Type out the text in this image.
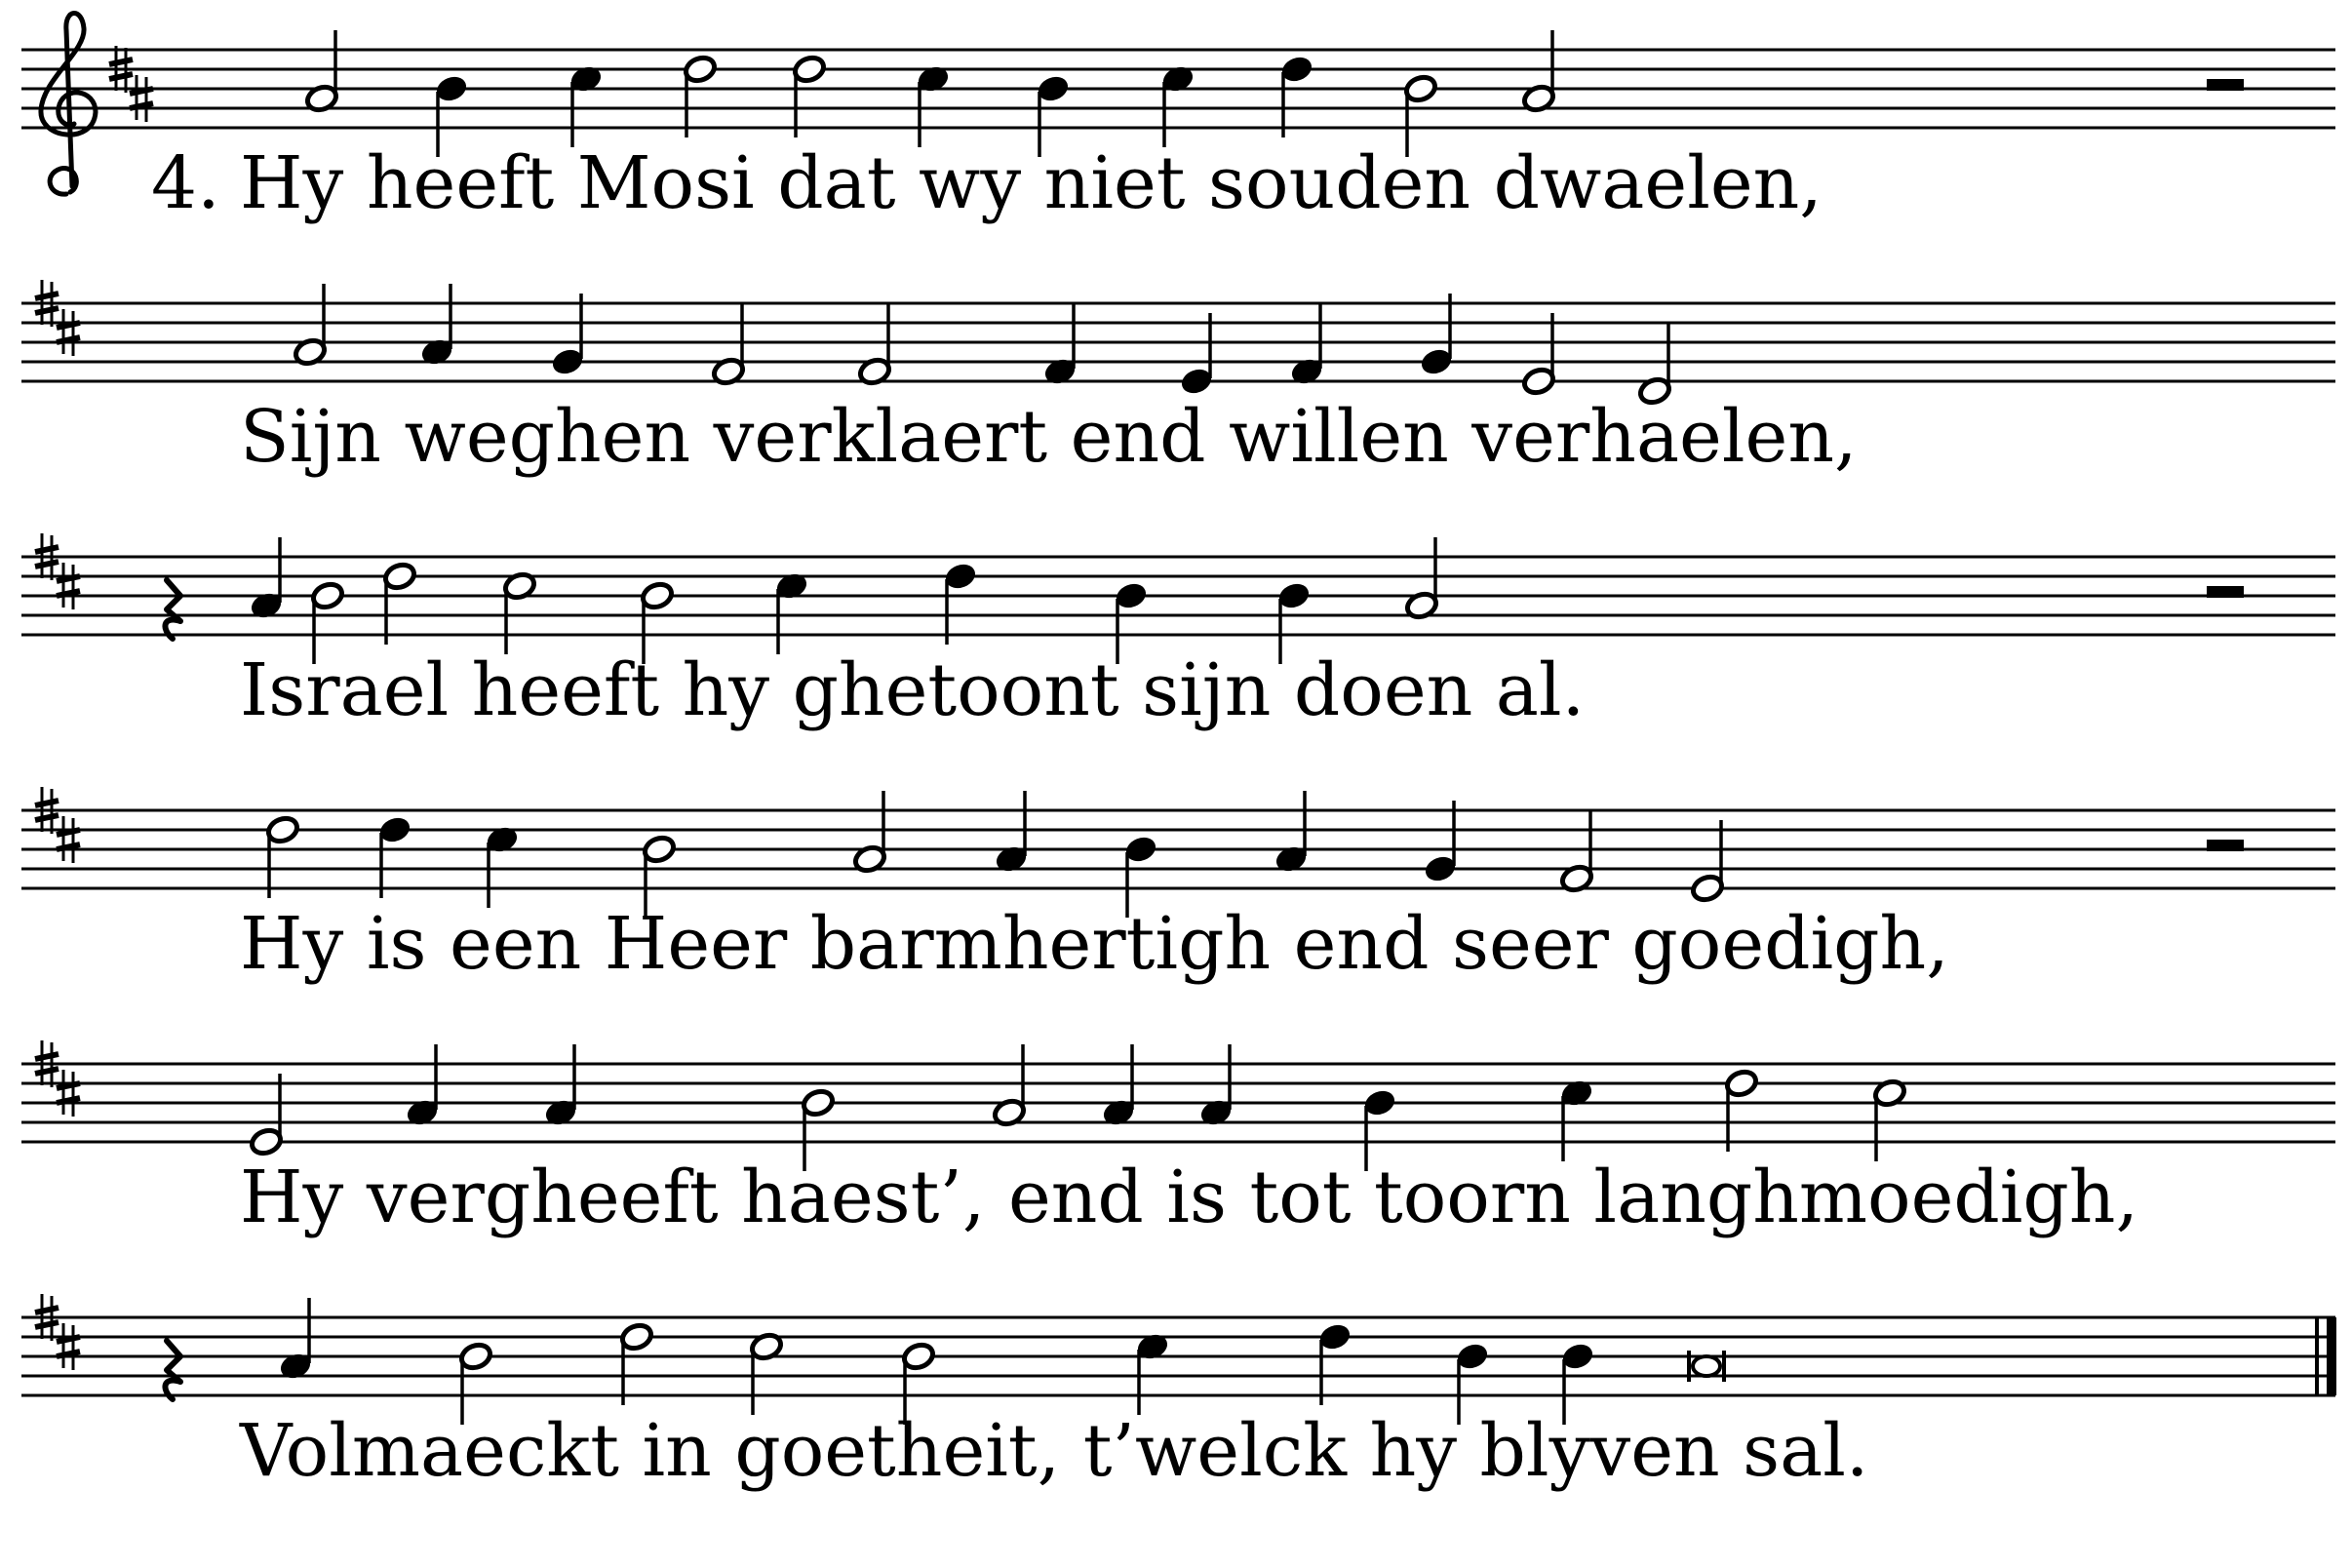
4. Hy heeft Mosi dat wy niet souden dwaelen,
Sijn weghen verklaert end willen verhaelen,
Israel heeft hy ghetoont sijn doen al.
Hy is een Heer barmhertigh end seer goedigh,
Hy vergheeft haest’, end is tot toorn langhmoedigh,
Volmaeckt in goetheit, t’welck hy blyven sal.
